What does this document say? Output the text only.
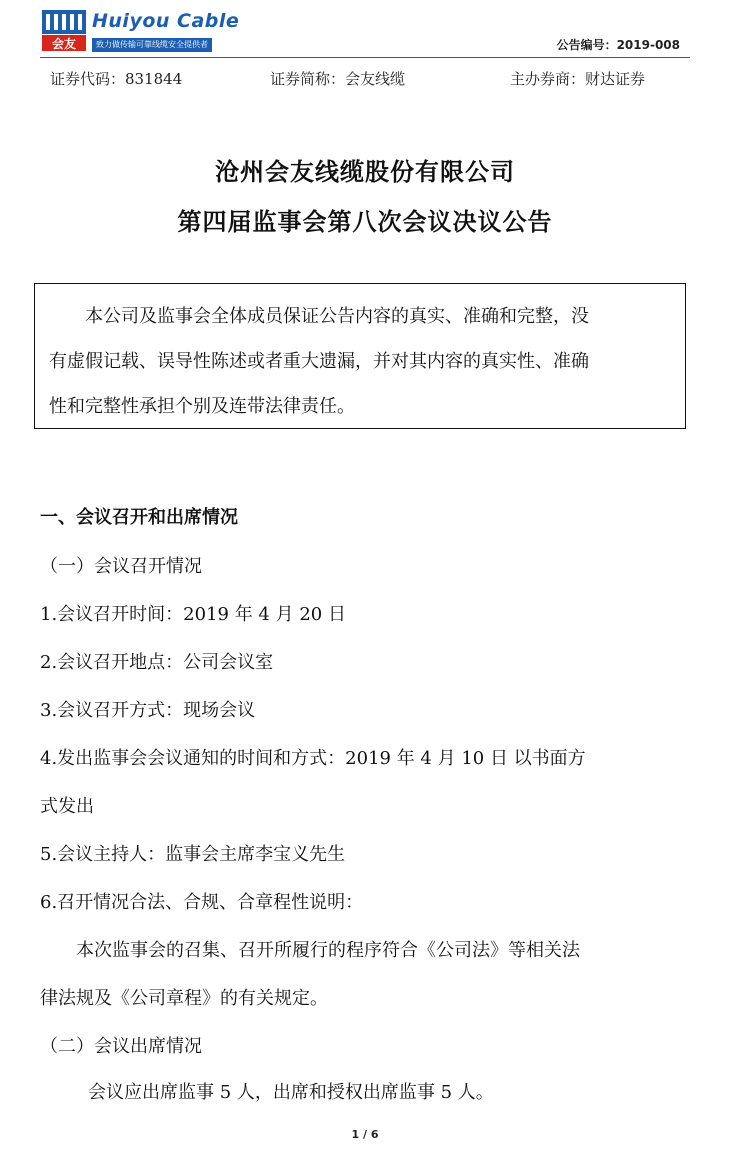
会友
Huiyou Cable
致力做传输可靠线缆安全提供者	公告编号：2019-008
证券代码：831844	证券简称：会友线缆	主办券商：财达证券
沧州会友线缆股份有限公司
第四届监事会第八次会议决议公告
本公司及监事会全体成员保证公告内容的真实、准确和完整，没
有虚假记载、误导性陈述或者重大遗漏，并对其内容的真实性、准确
性和完整性承担个别及连带法律责任。
一、会议召开和出席情况
（一）会议召开情况
1.会议召开时间：2019 年 4 月 20 日
2.会议召开地点：公司会议室
3.会议召开方式：现场会议
4.发出监事会会议通知的时间和方式：2019 年 4 月 10 日 以书面方
式发出
5.会议主持人：监事会主席李宝义先生
6.召开情况合法、合规、合章程性说明：
本次监事会的召集、召开所履行的程序符合《公司法》等相关法
律法规及《公司章程》的有关规定。
（二）会议出席情况
会议应出席监事 5 人，出席和授权出席监事 5 人。
1 / 6
